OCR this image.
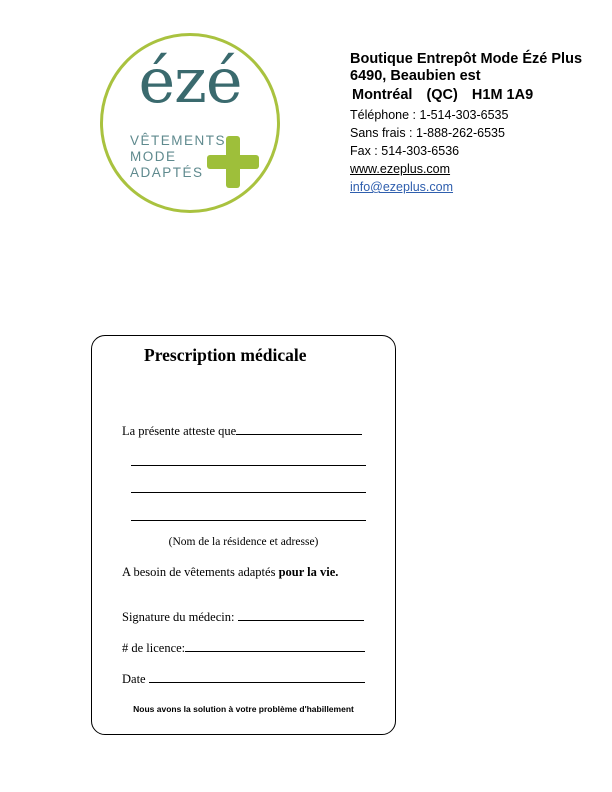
ézé
VÊTEMENTS
MODE
ADAPTÉS
Boutique Entrepôt Mode Ézé Plus
6490, Beaubien est
Montréal (QC) H1M 1A9
Téléphone : 1-514-303-6535
Sans frais : 1-888-262-6535
Fax : 514-303-6536
www.ezeplus.com
info@ezeplus.com
Prescription médicale
La présente atteste que
(Nom de la résidence et adresse)
A besoin de vêtements adaptés pour la vie.
Signature du médecin:
# de licence:
Date
Nous avons la solution à votre problème d'habillement
